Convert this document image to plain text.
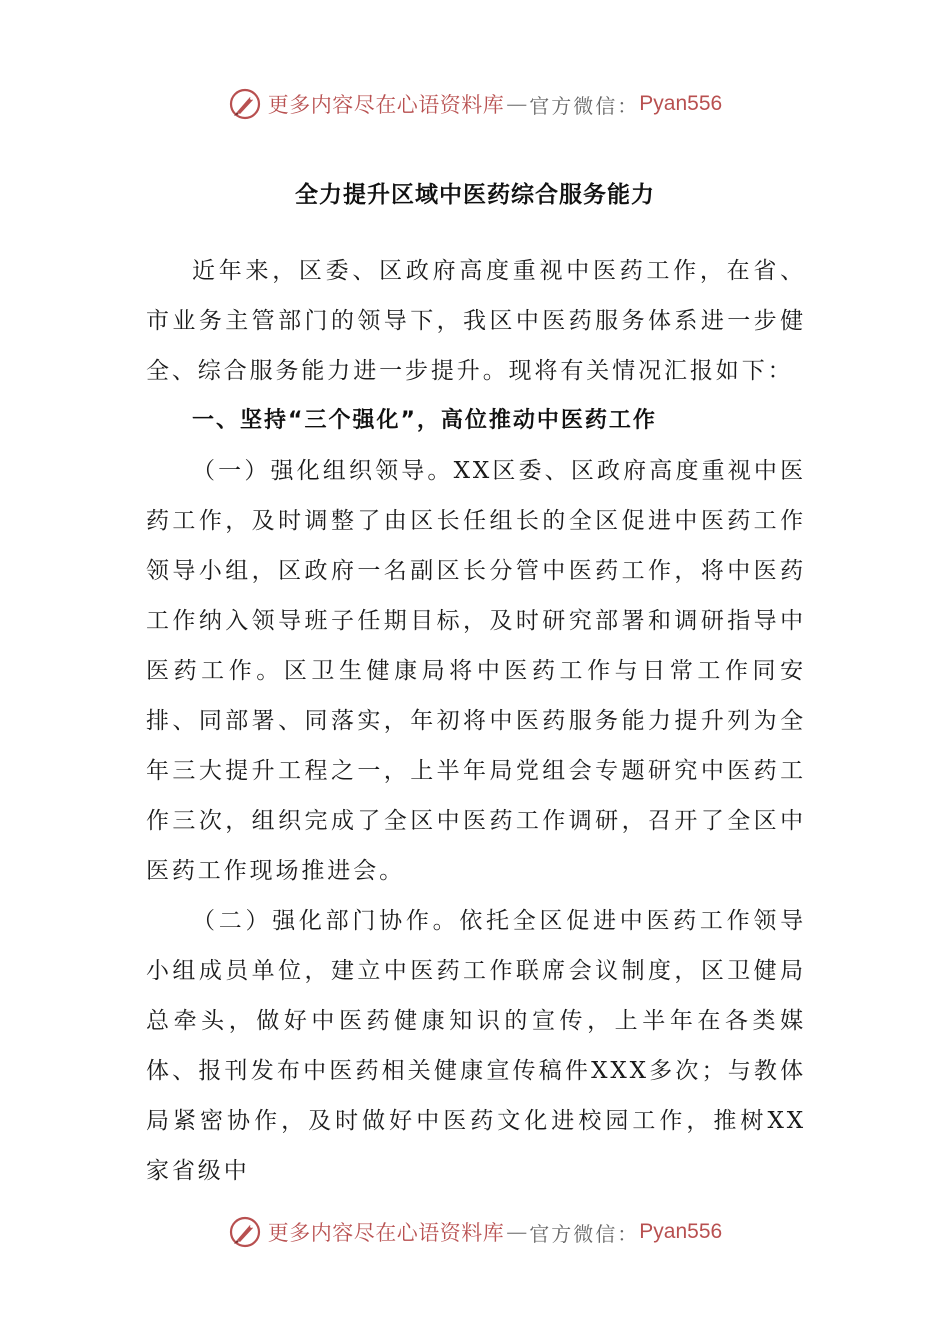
更多内容尽在心语资料库 — 官方微信： Pyan556
全力提升区域中医药综合服务能力

近年来，区委、区政府高度重视中医药工作，在省、市业务主管部门的领导下，我区中医药服务体系进一步健全、综合服务能力进一步提升。现将有关情况汇报如下：

一、坚持“三个强化”，高位推动中医药工作

（一）强化组织领导。XX区委、区政府高度重视中医药工作，及时调整了由区长任组长的全区促进中医药工作领导小组，区政府一名副区长分管中医药工作，将中医药工作纳入领导班子任期目标，及时研究部署和调研指导中医药工作。区卫生健康局将中医药工作与日常工作同安排、同部署、同落实，年初将中医药服务能力提升列为全年三大提升工程之一，上半年局党组会专题研究中医药工作三次，组织完成了全区中医药工作调研，召开了全区中医药工作现场推进会。

（二）强化部门协作。依托全区促进中医药工作领导小组成员单位，建立中医药工作联席会议制度，区卫健局总牵头，做好中医药健康知识的宣传，上半年在各类媒体、报刊发布中医药相关健康宣传稿件XXX多次；与教体局紧密协作，及时做好中医药文化进校园工作，推树XX家省级中

更多内容尽在心语资料库 — 官方微信： Pyan556
